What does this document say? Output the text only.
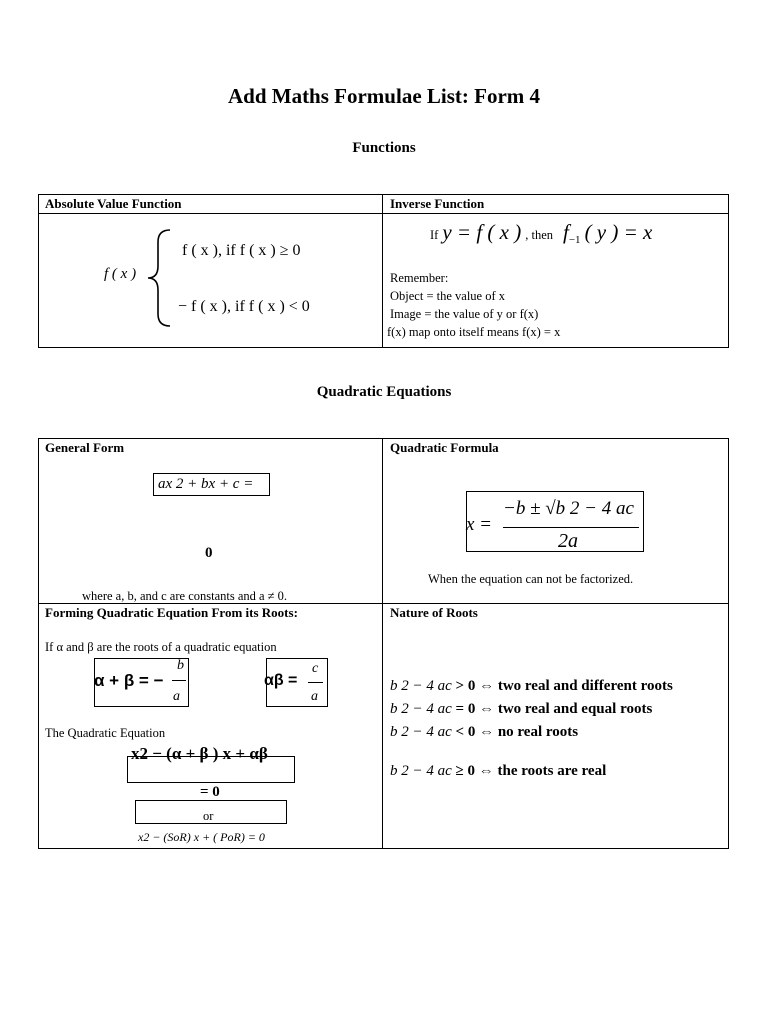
Add Maths Formulae List: Form 4
Functions
Absolute Value Function	Inverse Function
f ( x )
f ( x ), if f ( x ) ≥ 0
− f ( x ), if f ( x ) < 0
If y = f ( x ) , then $f_{-1}$ ( y ) = x
Remember:
Object = the value of x
Image = the value of y or f(x)
f(x) map onto itself means f(x) = x
Quadratic Equations
General Form
ax 2 + bx + c =
0
where a, b, and c are constants and a ≠ 0.
Quadratic Formula
x =
−b ± √b 2 − 4 ac
2a
When the equation can not be factorized.
Forming Quadratic Equation From its Roots:
If α and β are the roots of a quadratic equation
α + β = −
b
a
αβ =
c
a
The Quadratic Equation
x2 − (α + β ) x + αβ
= 0
or
x2 − (SoR) x + ( PoR) = 0
Nature of Roots
b 2 − 4 ac > 0 ⇔ two real and different roots
b 2 − 4 ac = 0 ⇔ two real and equal roots
b 2 − 4 ac < 0 ⇔ no real roots
b 2 − 4 ac ≥ 0 ⇔ the roots are real
